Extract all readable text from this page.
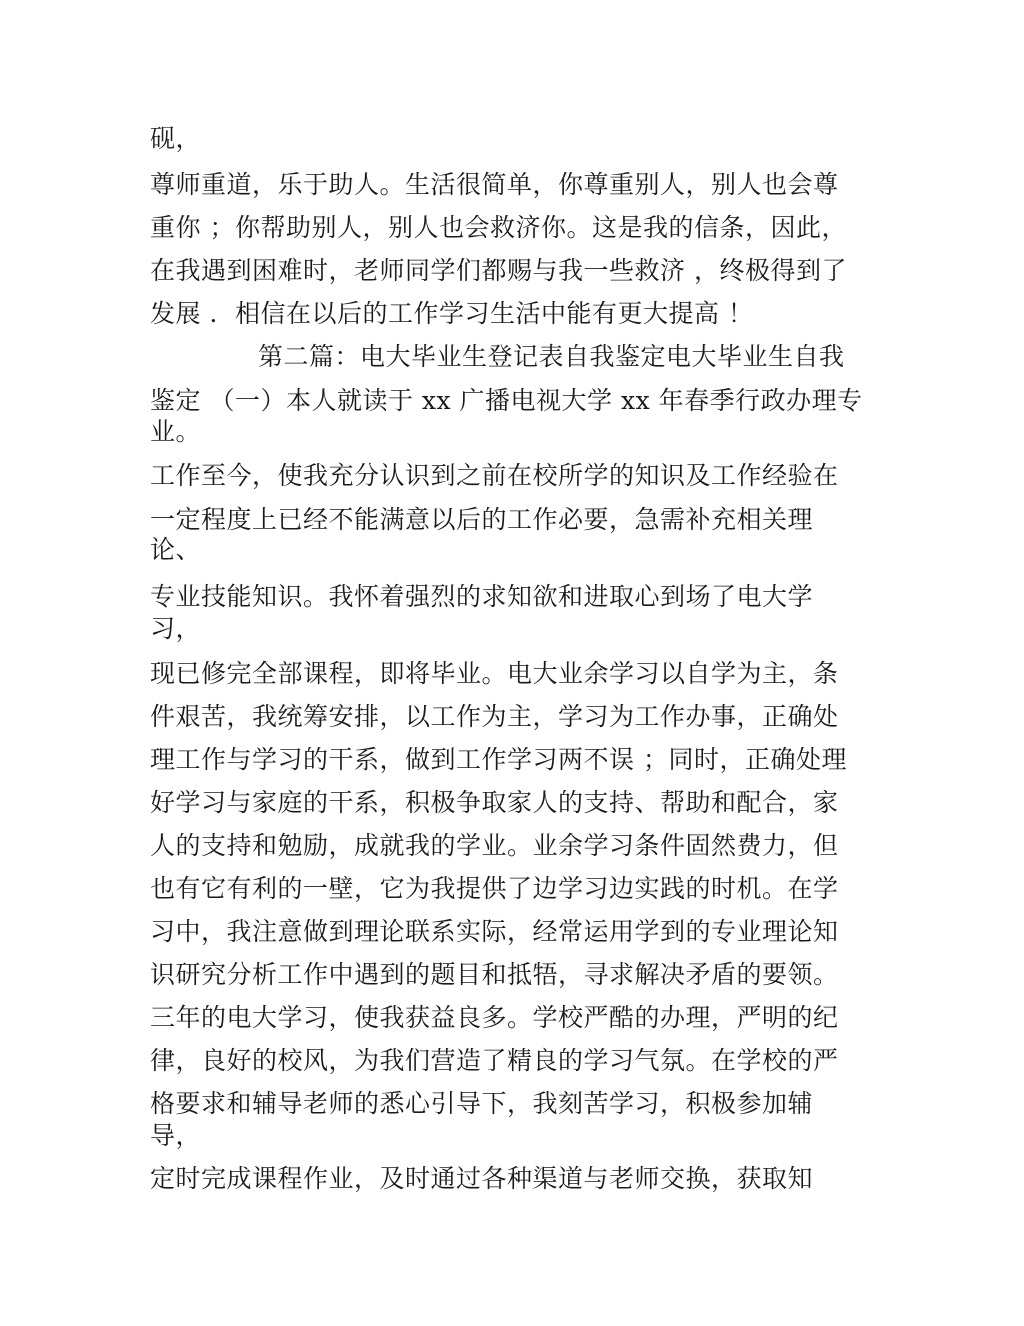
砚，
尊师重道，乐于助人。生活很简单，你尊重别人，别人也会尊
重你 ；你帮助别人，别人也会救济你。这是我的信条，因此，
在我遇到困难时，老师同学们都赐与我一些救济 ，终极得到了
发展 ．相信在以后的工作学习生活中能有更大提高 ！
第二篇：电大毕业生登记表自我鉴定电大毕业生自我
鉴定 （一）本人就读于 xx 广播电视大学 xx 年春季行政办理专
业。
工作至今，使我充分认识到之前在校所学的知识及工作经验在
一定程度上已经不能满意以后的工作必要，急需补充相关理
论、
专业技能知识。我怀着强烈的求知欲和进取心到场了电大学
习，
现已修完全部课程，即将毕业。电大业余学习以自学为主，条
件艰苦，我统筹安排，以工作为主，学习为工作办事，正确处
理工作与学习的干系，做到工作学习两不误 ；同时，正确处理
好学习与家庭的干系，积极争取家人的支持、帮助和配合，家
人的支持和勉励，成就我的学业。业余学习条件固然费力，但
也有它有利的一壁，它为我提供了边学习边实践的时机。在学
习中，我注意做到理论联系实际，经常运用学到的专业理论知
识研究分析工作中遇到的题目和抵牾，寻求解决矛盾的要领。
三年的电大学习，使我获益良多。学校严酷的办理，严明的纪
律，良好的校风，为我们营造了精良的学习气氛。在学校的严
格要求和辅导老师的悉心引导下，我刻苦学习，积极参加辅
导，
定时完成课程作业，及时通过各种渠道与老师交换，获取知
